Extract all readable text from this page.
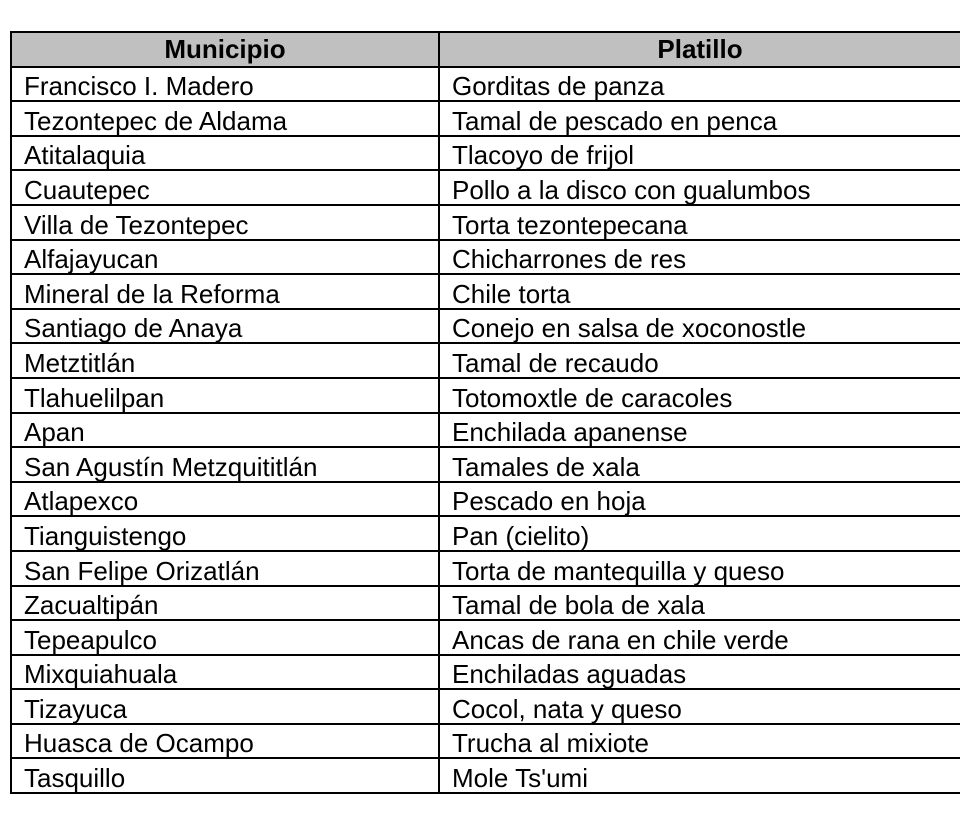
Municipio	Platillo
Francisco I. Madero	Gorditas de panza
Tezontepec de Aldama	Tamal de pescado en penca
Atitalaquia	Tlacoyo de frijol
Cuautepec	Pollo a la disco con gualumbos
Villa de Tezontepec	Torta tezontepecana
Alfajayucan	Chicharrones de res
Mineral de la Reforma	Chile torta
Santiago de Anaya	Conejo en salsa de xoconostle
Metztitlán	Tamal de recaudo
Tlahuelilpan	Totomoxtle de caracoles
Apan	Enchilada apanense
San Agustín Metzquititlán	Tamales de xala
Atlapexco	Pescado en hoja
Tianguistengo	Pan (cielito)
San Felipe Orizatlán	Torta de mantequilla y queso
Zacualtipán	Tamal de bola de xala
Tepeapulco	Ancas de rana en chile verde
Mixquiahuala	Enchiladas aguadas
Tizayuca	Cocol, nata y queso
Huasca de Ocampo	Trucha al mixiote
Tasquillo	Mole Ts'umi
